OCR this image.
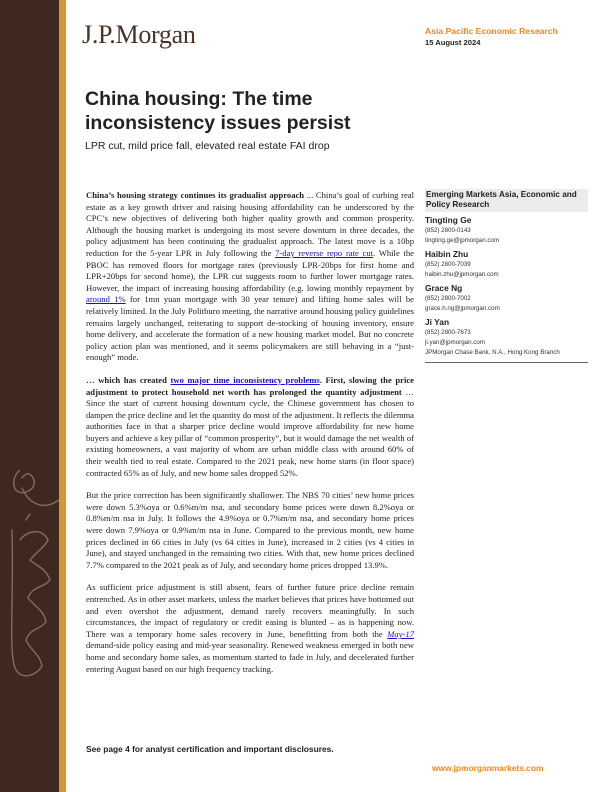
J.P.Morgan	Asia Pacific Economic Research
15 August 2024
China housing: The time inconsistency issues persist
LPR cut, mild price fall, elevated real estate FAI drop

China’s housing strategy continues its gradualist approach ... China’s goal of curbing real estate as a key growth driver and raising housing affordability can be underscored by the CPC’s new objectives of delivering both higher quality growth and common prosperity. Although the housing market is undergoing its most severe downturn in three decades, the policy adjustment has been continuing the gradualist approach. The latest move is a 10bp reduction for the 5-year LPR in July following the 7-day reverse repo rate cut. While the PBOC has removed floors for mortgage rates (previously LPR-20bps for first home and LPR+20bps for second home), the LPR cut suggests room to further lower mortgage rates. However, the impact of increasing housing affordability (e.g. lowing monthly repayment by around 1% for 1mn yuan mortgage with 30 year tenure) and lifting home sales will be relatively limited. In the July Politburo meeting, the narrative around housing policy guidelines remains largely unchanged, reiterating to support de-stocking of housing inventory, ensure home delivery, and accelerate the formation of a new housing market model. But no concrete policy action plan was mentioned, and it seems policymakers are still behaving in a “just-enough” mode.

… which has created two major time inconsistency problems. First, slowing the price adjustment to protect household net worth has prolonged the quantity adjustment … Since the start of current housing downturn cycle, the Chinese government has chosen to dampen the price decline and let the quantity do most of the adjustment. It reflects the dilemma authorities face in that a sharper price decline would improve affordability for new home buyers and achieve a key pillar of “common prosperity”, but it would damage the net wealth of existing homeowners, a vast majority of whom are urban middle class with around 60% of their wealth tied to real estate. Compared to the 2021 peak, new home starts (in floor space) contracted 65% as of July, and new home sales dropped 52%.

But the price correction has been significantly shallower. The NBS 70 cities’ new home prices were down 5.3%oya or 0.6%m/m nsa, and secondary home prices were down 8.2%oya or 0.8%m/m nsa in July. It follows the 4.9%oya or 0.7%m/m nsa, and secondary home prices were down 7.9%oya or 0.9%m/m nsa in June. Compared to the previous month, new home prices declined in 66 cities in July (vs 64 cities in June), increased in 2 cities (vs 4 cities in June), and stayed unchanged in the remaining two cities. With that, new home prices declined 7.7% compared to the 2021 peak as of July, and secondary home prices dropped 13.9%.

As sufficient price adjustment is still absent, fears of further future price decline remain entrenched. As in other asset markets, unless the market believes that prices have bottomed out and even overshot the adjustment, demand rarely recovers meaningfully. In such circumstances, the impact of regulatory or credit easing is blunted – as is happening now. There was a temporary home sales recovery in June, benefitting from both the May-17 demand-side policy easing and mid-year seasonality. Renewed weakness emerged in both new home and secondary home sales, as momentum started to fade in July, and decelerated further entering August based on our high frequency tracking.

Emerging Markets Asia, Economic and Policy Research
Tingting Ge
(852) 2800-0143
tingting.ge@jpmorgan.com
Haibin Zhu
(852) 2800-7039
haibin.zhu@jpmorgan.com
Grace Ng
(852) 2800-7002
grace.h.ng@jpmorgan.com
Ji Yan
(852) 2800-7673
ji.yan@jpmorgan.com
JPMorgan Chase Bank, N.A., Hong Kong Branch
See page 4 for analyst certification and important disclosures.
www.jpmorganmarkets.com
